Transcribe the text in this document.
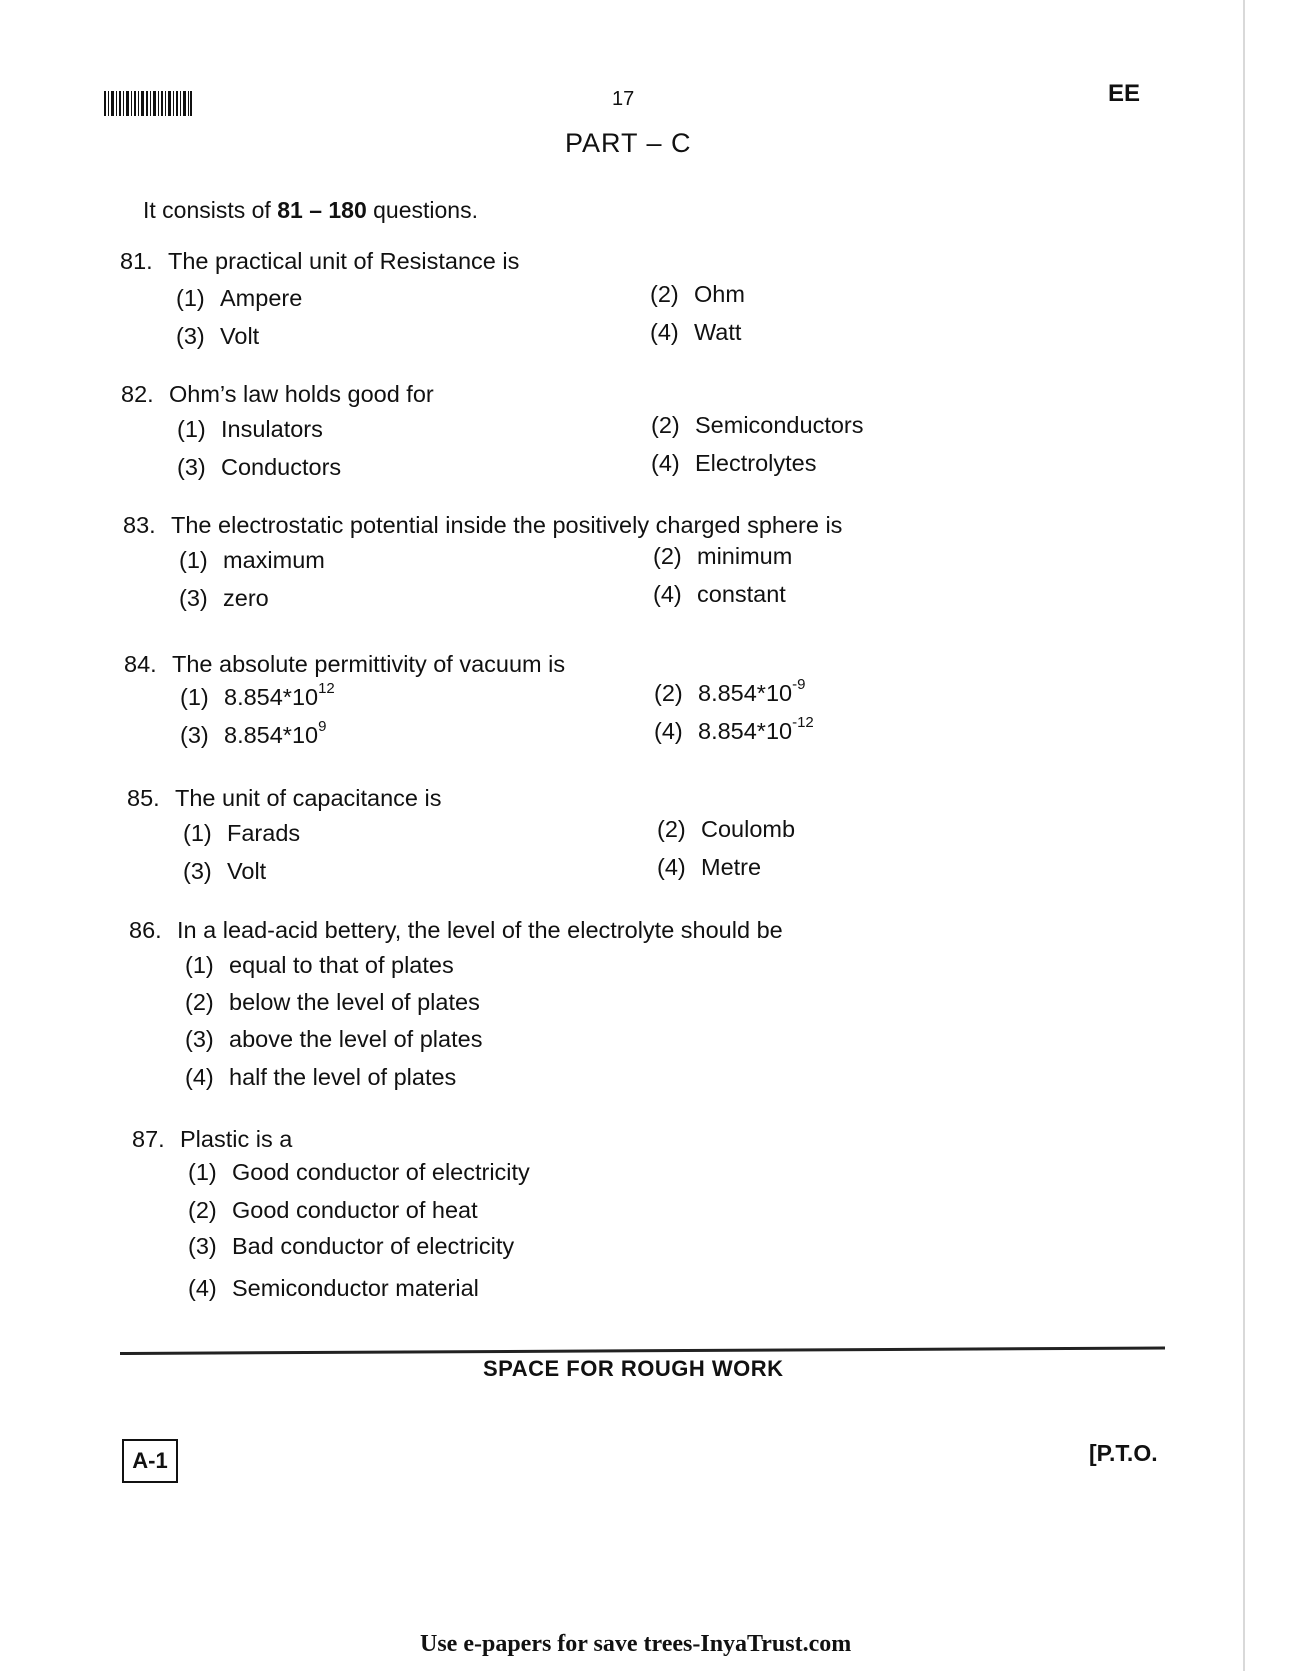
17	EE
PART – C
It consists of 81 – 180 questions.
81. The practical unit of Resistance is
(1) Ampere	(2) Ohm
(3) Volt	(4) Watt
82. Ohm’s law holds good for
(1) Insulators	(2) Semiconductors
(3) Conductors	(4) Electrolytes
83. The electrostatic potential inside the positively charged sphere is
(1) maximum	(2) minimum
(3) zero	(4) constant
84. The absolute permittivity of vacuum is
(1) $8.854*10^{12}$	(2) $8.854*10^{-9}$
(3) $8.854*10^9$	(4) $8.854*10^{-12}$
85. The unit of capacitance is
(1) Farads	(2) Coulomb
(3) Volt	(4) Metre
86. In a lead-acid bettery, the level of the electrolyte should be
(1) equal to that of plates
(2) below the level of plates
(3) above the level of plates
(4) half the level of plates
87. Plastic is a
(1) Good conductor of electricity
(2) Good conductor of heat
(3) Bad conductor of electricity
(4) Semiconductor material
SPACE FOR ROUGH WORK
A-1	[P.T.O.
Use e-papers for save trees-InyaTrust.com
